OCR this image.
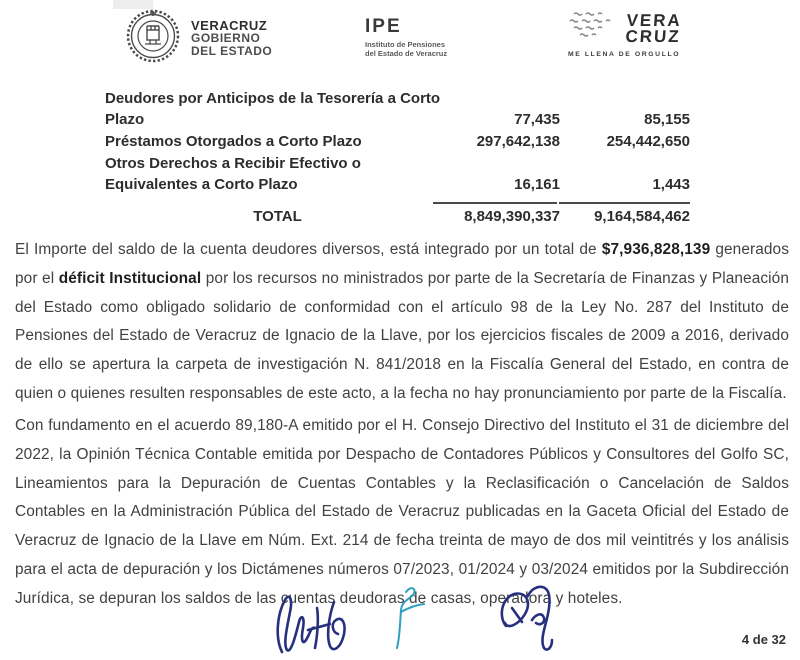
VERACRUZ
GOBIERNO
DEL ESTADO
IPE
Instituto de Pensiones
del Estado de Veracruz
VERA
CRUZ
ME LLENA DE ORGULLO
Deudores por Anticipos de la Tesorería a Corto Plazo	77,435	85,155
Préstamos Otorgados a Corto Plazo	297,642,138	254,442,650
Otros Derechos a Recibir Efectivo o Equivalentes a Corto Plazo	16,161	1,443
TOTAL	8,849,390,337	9,164,584,462
El Importe del saldo de la cuenta deudores diversos, está integrado por un total de $7,936,828,139 generados por el déficit Institucional por los recursos no ministrados por parte de la Secretaría de Finanzas y Planeación del Estado como obligado solidario de conformidad con el artículo 98 de la Ley No. 287 del Instituto de Pensiones del Estado de Veracruz de Ignacio de la Llave, por los ejercicios fiscales de 2009 a 2016, derivado de ello se apertura la carpeta de investigación N. 841/2018 en la Fiscalía General del Estado, en contra de quien o quienes resulten responsables de este acto, a la fecha no hay pronunciamiento por parte de la Fiscalía.
Con fundamento en el acuerdo 89,180-A emitido por el H. Consejo Directivo del Instituto el 31 de diciembre del 2022, la Opinión Técnica Contable emitida por Despacho de Contadores Públicos y Consultores del Golfo SC, Lineamientos para la Depuración de Cuentas Contables y la Reclasificación o Cancelación de Saldos Contables en la Administración Pública del Estado de Veracruz publicadas en la Gaceta Oficial del Estado de Veracruz de Ignacio de la Llave em Núm. Ext. 214 de fecha treinta de mayo de dos mil veintitrés y los análisis para el acta de depuración y los Dictámenes números 07/2023, 01/2024 y 03/2024 emitidos por la Subdirección Jurídica, se depuran los saldos de las cuentas deudoras de casas, operadora y hoteles.
4 de 32
